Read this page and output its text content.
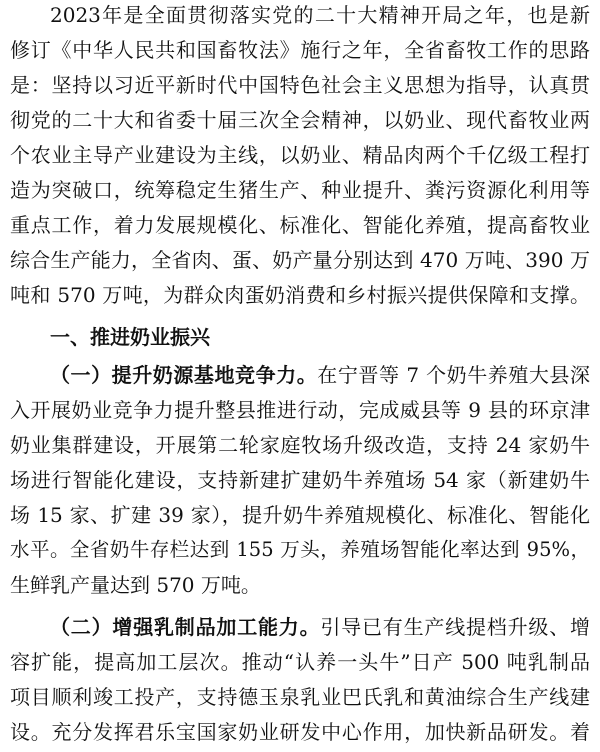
2023年是全面贯彻落实党的二十大精神开局之年，也是新
修订《中华人民共和国畜牧法》施行之年，全省畜牧工作的思路
是：坚持以习近平新时代中国特色社会主义思想为指导，认真贯
彻党的二十大和省委十届三次全会精神，以奶业、现代畜牧业两
个农业主导产业建设为主线，以奶业、精品肉两个千亿级工程打
造为突破口，统筹稳定生猪生产、种业提升、粪污资源化利用等
重点工作，着力发展规模化、标准化、智能化养殖，提高畜牧业
综合生产能力，全省肉、蛋、奶产量分别达到 470 万吨、390 万
吨和 570 万吨，为群众肉蛋奶消费和乡村振兴提供保障和支撑。
一、推进奶业振兴
（一）提升奶源基地竞争力。在宁晋等 7 个奶牛养殖大县深
入开展奶业竞争力提升整县推进行动，完成威县等 9 县的环京津
奶业集群建设，开展第二轮家庭牧场升级改造，支持 24 家奶牛
场进行智能化建设，支持新建扩建奶牛养殖场 54 家（新建奶牛
场 15 家、扩建 39 家），提升奶牛养殖规模化、标准化、智能化
水平。全省奶牛存栏达到 155 万头，养殖场智能化率达到 95%，
生鲜乳产量达到 570 万吨。
（二）增强乳制品加工能力。引导已有生产线提档升级、增
容扩能，提高加工层次。推动“认养一头牛”日产 500 吨乳制品
项目顺利竣工投产，支持德玉泉乳业巴氏乳和黄油综合生产线建
设。充分发挥君乐宝国家奶业研发中心作用，加快新品研发。着
